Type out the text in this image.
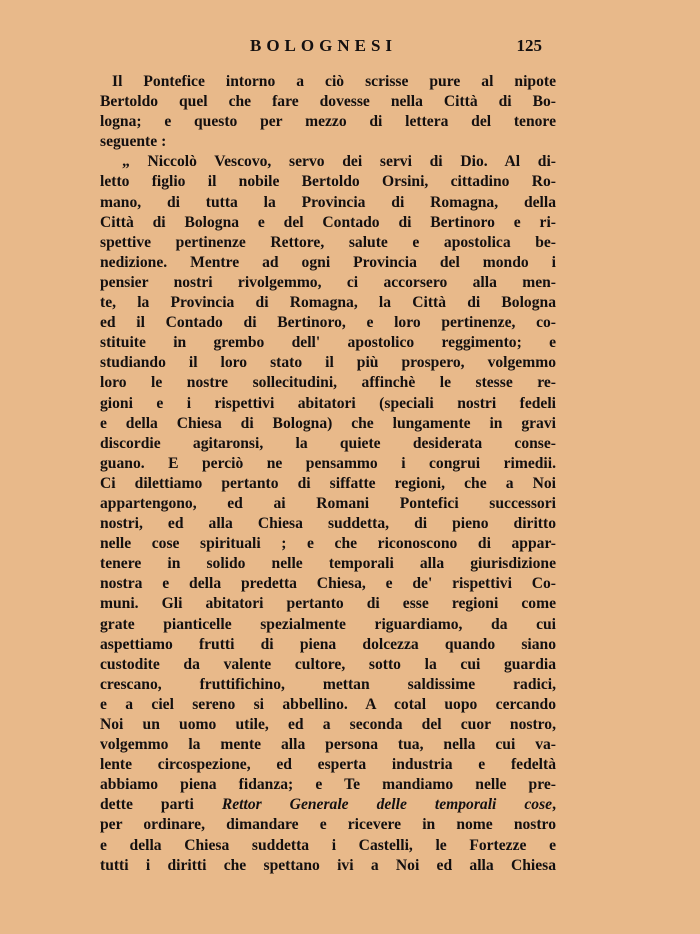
BOLOGNESI	125
Il Pontefice intorno a ciò scrisse pure al nipote
Bertoldo quel che fare dovesse nella Città di Bo-
logna; e questo per mezzo di lettera del tenore
seguente :
„ Niccolò Vescovo, servo dei servi di Dio. Al di-
letto figlio il nobile Bertoldo Orsini, cittadino Ro-
mano, di tutta la Provincia di Romagna, della
Città di Bologna e del Contado di Bertinoro e ri-
spettive pertinenze Rettore, salute e apostolica be-
nedizione. Mentre ad ogni Provincia del mondo i
pensier nostri rivolgemmo, ci accorsero alla men-
te, la Provincia di Romagna, la Città di Bologna
ed il Contado di Bertinoro, e loro pertinenze, co-
stituite in grembo dell' apostolico reggimento; e
studiando il loro stato il più prospero, volgemmo
loro le nostre sollecitudini, affinchè le stesse re-
gioni e i rispettivi abitatori (speciali nostri fedeli
e della Chiesa di Bologna) che lungamente in gravi
discordie agitaronsi, la quiete desiderata conse-
guano. E perciò ne pensammo i congrui rimedii.
Ci dilettiamo pertanto di siffatte regioni, che a Noi
appartengono, ed ai Romani Pontefici successori
nostri, ed alla Chiesa suddetta, di pieno diritto
nelle cose spirituali ; e che riconoscono di appar-
tenere in solido nelle temporali alla giurisdizione
nostra e della predetta Chiesa, e de' rispettivi Co-
muni. Gli abitatori pertanto di esse regioni come
grate pianticelle spezialmente riguardiamo, da cui
aspettiamo frutti di piena dolcezza quando siano
custodite da valente cultore, sotto la cui guardia
crescano, fruttifichino, mettan saldissime radici,
e a ciel sereno si abbellino. A cotal uopo cercando
Noi un uomo utile, ed a seconda del cuor nostro,
volgemmo la mente alla persona tua, nella cui va-
lente circospezione, ed esperta industria e fedeltà
abbiamo piena fidanza; e Te mandiamo nelle pre-
dette parti Rettor Generale delle temporali cose,
per ordinare, dimandare e ricevere in nome nostro
e della Chiesa suddetta i Castelli, le Fortezze e
tutti i diritti che spettano ivi a Noi ed alla Chiesa
